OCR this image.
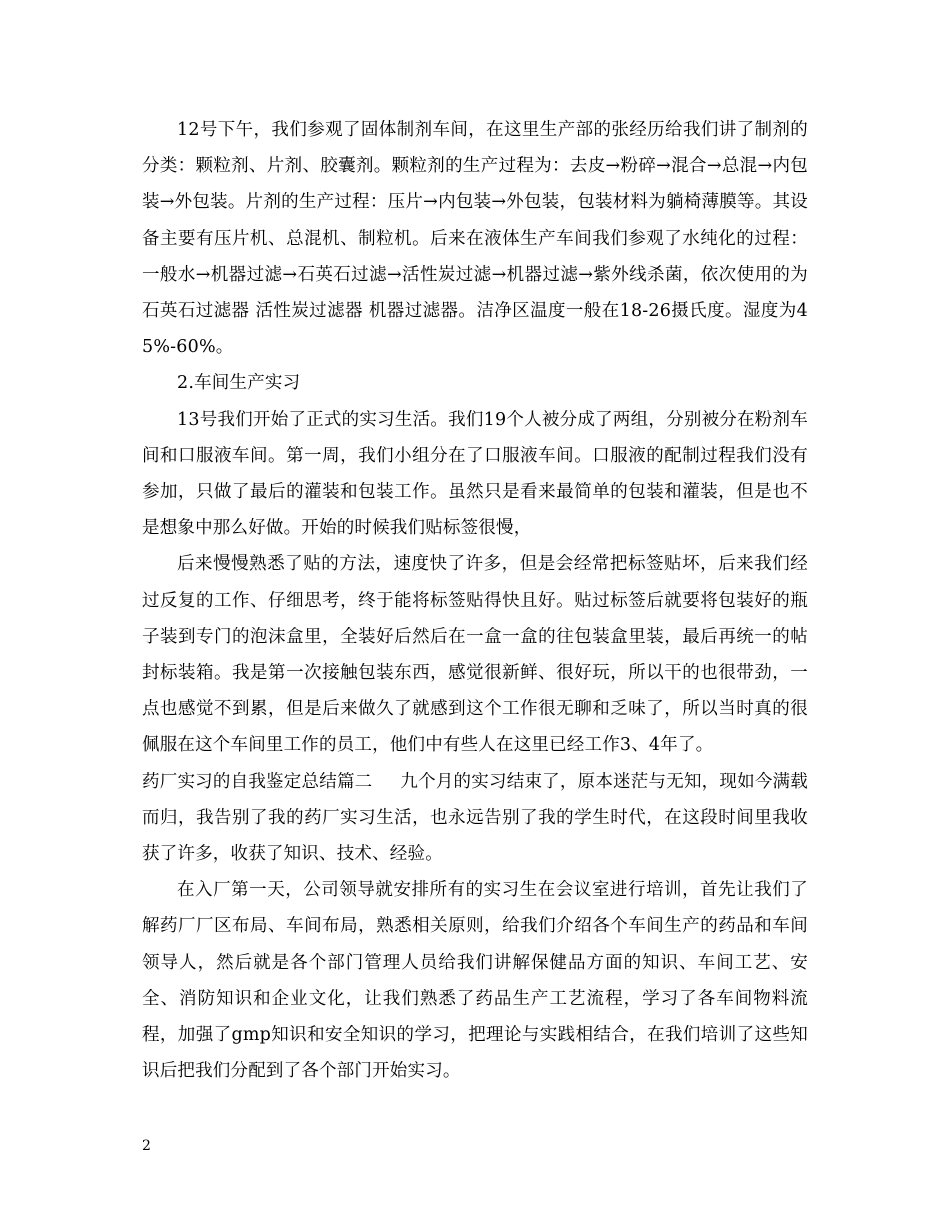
12号下午，我们参观了固体制剂车间，在这里生产部的张经历给我们讲了制剂的分类：颗粒剂、片剂、胶囊剂。颗粒剂的生产过程为：去皮→粉碎→混合→总混→内包装→外包装。片剂的生产过程：压片→内包装→外包装，包装材料为躺椅薄膜等。其设备主要有压片机、总混机、制粒机。后来在液体生产车间我们参观了水纯化的过程：一般水→机器过滤→石英石过滤→活性炭过滤→机器过滤→紫外线杀菌，依次使用的为石英石过滤器 活性炭过滤器 机器过滤器。洁净区温度一般在18-26摄氏度。湿度为45%-60%。

2.车间生产实习

13号我们开始了正式的实习生活。我们19个人被分成了两组，分别被分在粉剂车间和口服液车间。第一周，我们小组分在了口服液车间。口服液的配制过程我们没有参加，只做了最后的灌装和包装工作。虽然只是看来最简单的包装和灌装，但是也不是想象中那么好做。开始的时候我们贴标签很慢，

后来慢慢熟悉了贴的方法，速度快了许多，但是会经常把标签贴坏，后来我们经过反复的工作、仔细思考，终于能将标签贴得快且好。贴过标签后就要将包装好的瓶子装到专门的泡沫盒里，全装好后然后在一盒一盒的往包装盒里装，最后再统一的帖封标装箱。我是第一次接触包装东西，感觉很新鲜、很好玩，所以干的也很带劲，一点也感觉不到累，但是后来做久了就感到这个工作很无聊和乏味了，所以当时真的很佩服在这个车间里工作的员工，他们中有些人在这里已经工作3、4年了。

药厂实习的自我鉴定总结篇二 九个月的实习结束了，原本迷茫与无知，现如今满载而归，我告别了我的药厂实习生活，也永远告别了我的学生时代，在这段时间里我收获了许多，收获了知识、技术、经验。

在入厂第一天，公司领导就安排所有的实习生在会议室进行培训，首先让我们了解药厂厂区布局、车间布局，熟悉相关原则，给我们介绍各个车间生产的药品和车间领导人，然后就是各个部门管理人员给我们讲解保健品方面的知识、车间工艺、安全、消防知识和企业文化，让我们熟悉了药品生产工艺流程，学习了各车间物料流程，加强了gmp知识和安全知识的学习，把理论与实践相结合，在我们培训了这些知识后把我们分配到了各个部门开始实习。

2
